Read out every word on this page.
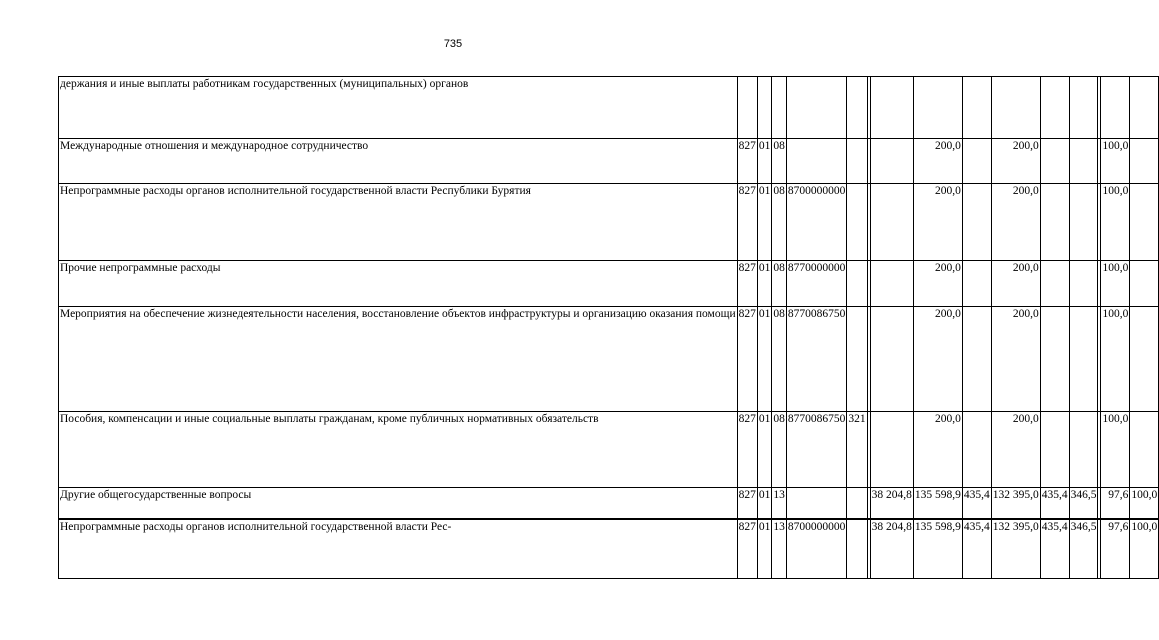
735
держания и иные выплаты работникам государственных (муниципальных) органов															
Международные отношения и международное сотрудничество	827	01	08					200,0		200,0				100,0	
Непрограммные расходы органов исполнительной государственной власти Республики Бурятия	827	01	08	8700000000				200,0		200,0				100,0	
Прочие непрограммные расходы	827	01	08	8770000000				200,0		200,0				100,0	
Мероприятия на обеспечение жизнедеятельности населения, восстановление объектов инфраструктуры и организацию оказания помощи	827	01	08	8770086750				200,0		200,0				100,0	
Пособия, компенсации и иные социальные выплаты гражданам, кроме публичных нормативных обязательств	827	01	08	8770086750	321			200,0		200,0				100,0	
Другие общегосударственные вопросы	827	01	13				38 204,8	135 598,9	435,4	132 395,0	435,4	346,5		97,6	100,0
Непрограммные расходы органов исполнительной государственной власти Рес-	827	01	13	8700000000			38 204,8	135 598,9	435,4	132 395,0	435,4	346,5		97,6	100,0
